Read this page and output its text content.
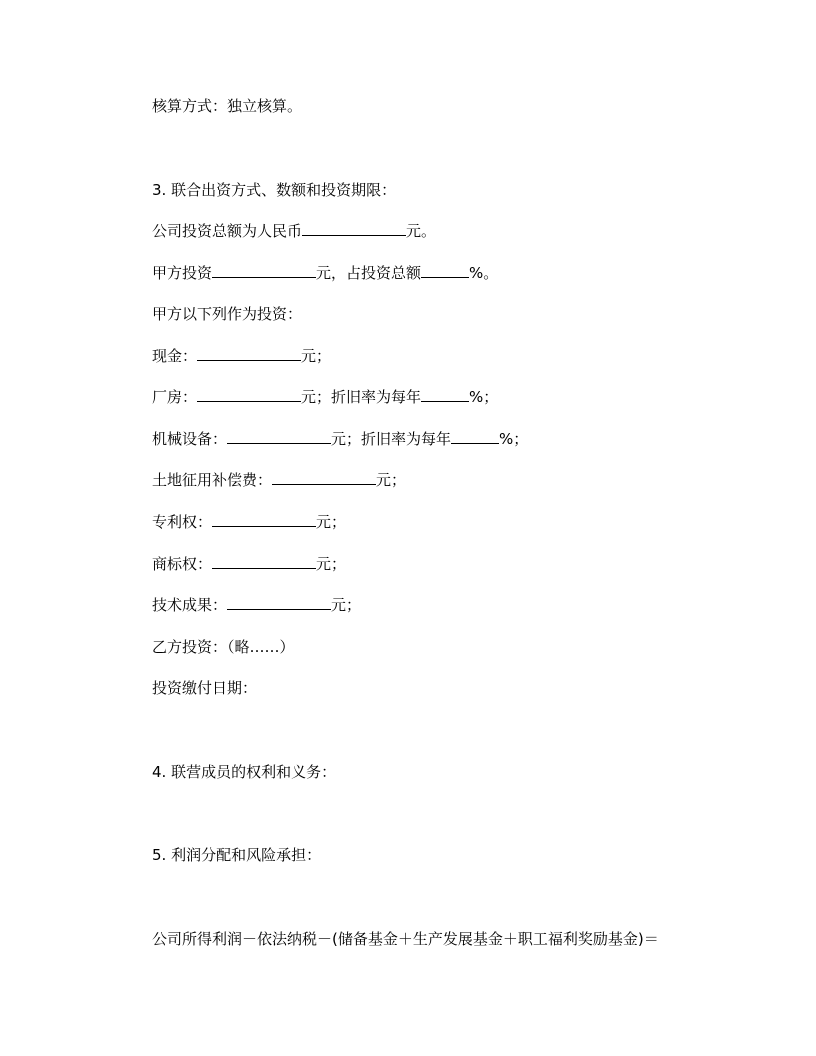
核算方式：独立核算。
3. 联合出资方式、数额和投资期限：
公司投资总额为人民币	元。
甲方投资	元，占投资总额	%。
甲方以下列作为投资：
现金：	元；
厂房：	元；折旧率为每年	%；
机械设备：	元；折旧率为每年	%；
土地征用补偿费：	元；
专利权：	元；
商标权：	元；
技术成果：	元；
乙方投资：（略……）
投资缴付日期：
4. 联营成员的权利和义务：
5. 利润分配和风险承担：
公司所得利润－依法纳税－(储备基金＋生产发展基金＋职工福利奖励基金)＝
